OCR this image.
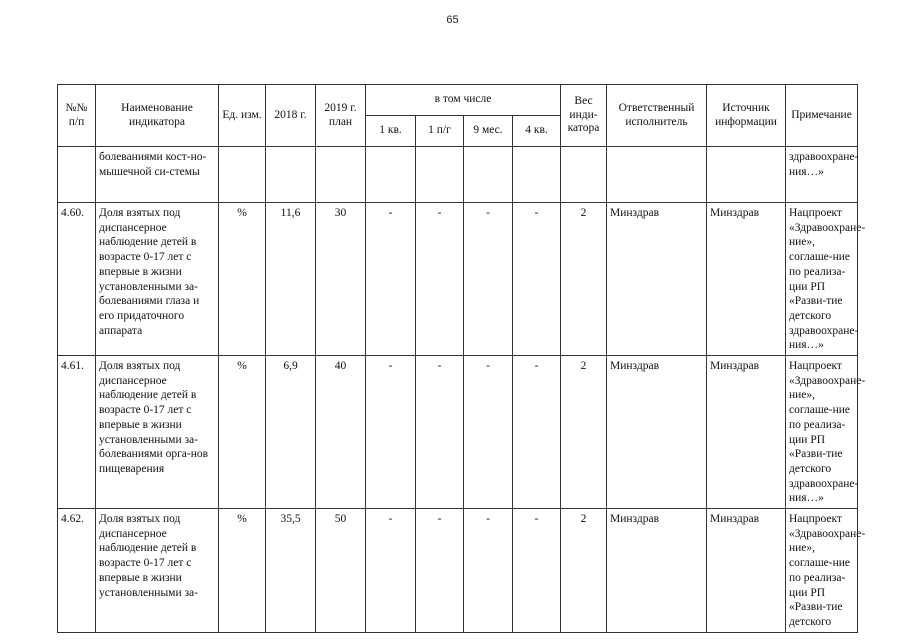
65
№№ п/п	Наименование индикатора	Ед. изм.	2018 г.	2019 г. план	в том числе				Вес инди-катора	Ответственный исполнитель	Источник информации	Примечание
					1 кв.	1 п/г	9 мес.	4 кв.				
	болеваниями кост-но-мышечной си-стемы											здравоохране-ния…»
4.60.	Доля взятых под диспансерное наблюдение детей в возрасте 0-17 лет с впервые в жизни установленными за-болеваниями глаза и его придаточного аппарата	%	11,6	30	-	-	-	-	2	Минздрав	Минздрав	Нацпроект «Здравоохране-ние», соглаше-ние по реализа-ции РП «Разви-тие детского здравоохране-ния…»
4.61.	Доля взятых под диспансерное наблюдение детей в возрасте 0-17 лет с впервые в жизни установленными за-болеваниями орга-нов пищеварения	%	6,9	40	-	-	-	-	2	Минздрав	Минздрав	Нацпроект «Здравоохране-ние», соглаше-ние по реализа-ции РП «Разви-тие детского здравоохране-ния…»
4.62.	Доля взятых под диспансерное наблюдение детей в возрасте 0-17 лет с впервые в жизни установленными за-	%	35,5	50	-	-	-	-	2	Минздрав	Минздрав	Нацпроект «Здравоохране-ние», соглаше-ние по реализа-ции РП «Разви-тие детского
